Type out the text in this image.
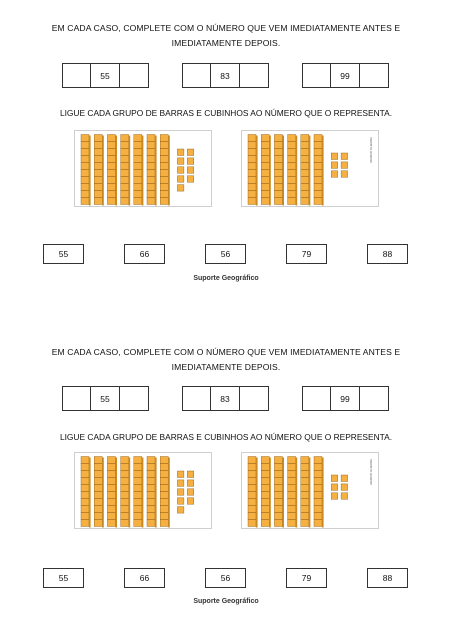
EM CADA CASO, COMPLETE COM O NÚMERO QUE VEM IMEDIATAMENTE ANTES E
IMEDIATAMENTE DEPOIS.
55	83	99
LIGUE CADA GRUPO DE BARRAS E CUBINHOS AO NÚMERO QUE O REPRESENTA.
MARCIO GUERRA
55	66	56	79	88
Suporte Geográfico
EM CADA CASO, COMPLETE COM O NÚMERO QUE VEM IMEDIATAMENTE ANTES E
IMEDIATAMENTE DEPOIS.
55	83	99
LIGUE CADA GRUPO DE BARRAS E CUBINHOS AO NÚMERO QUE O REPRESENTA.
MARCIO GUERRA
55	66	56	79	88
Suporte Geográfico
